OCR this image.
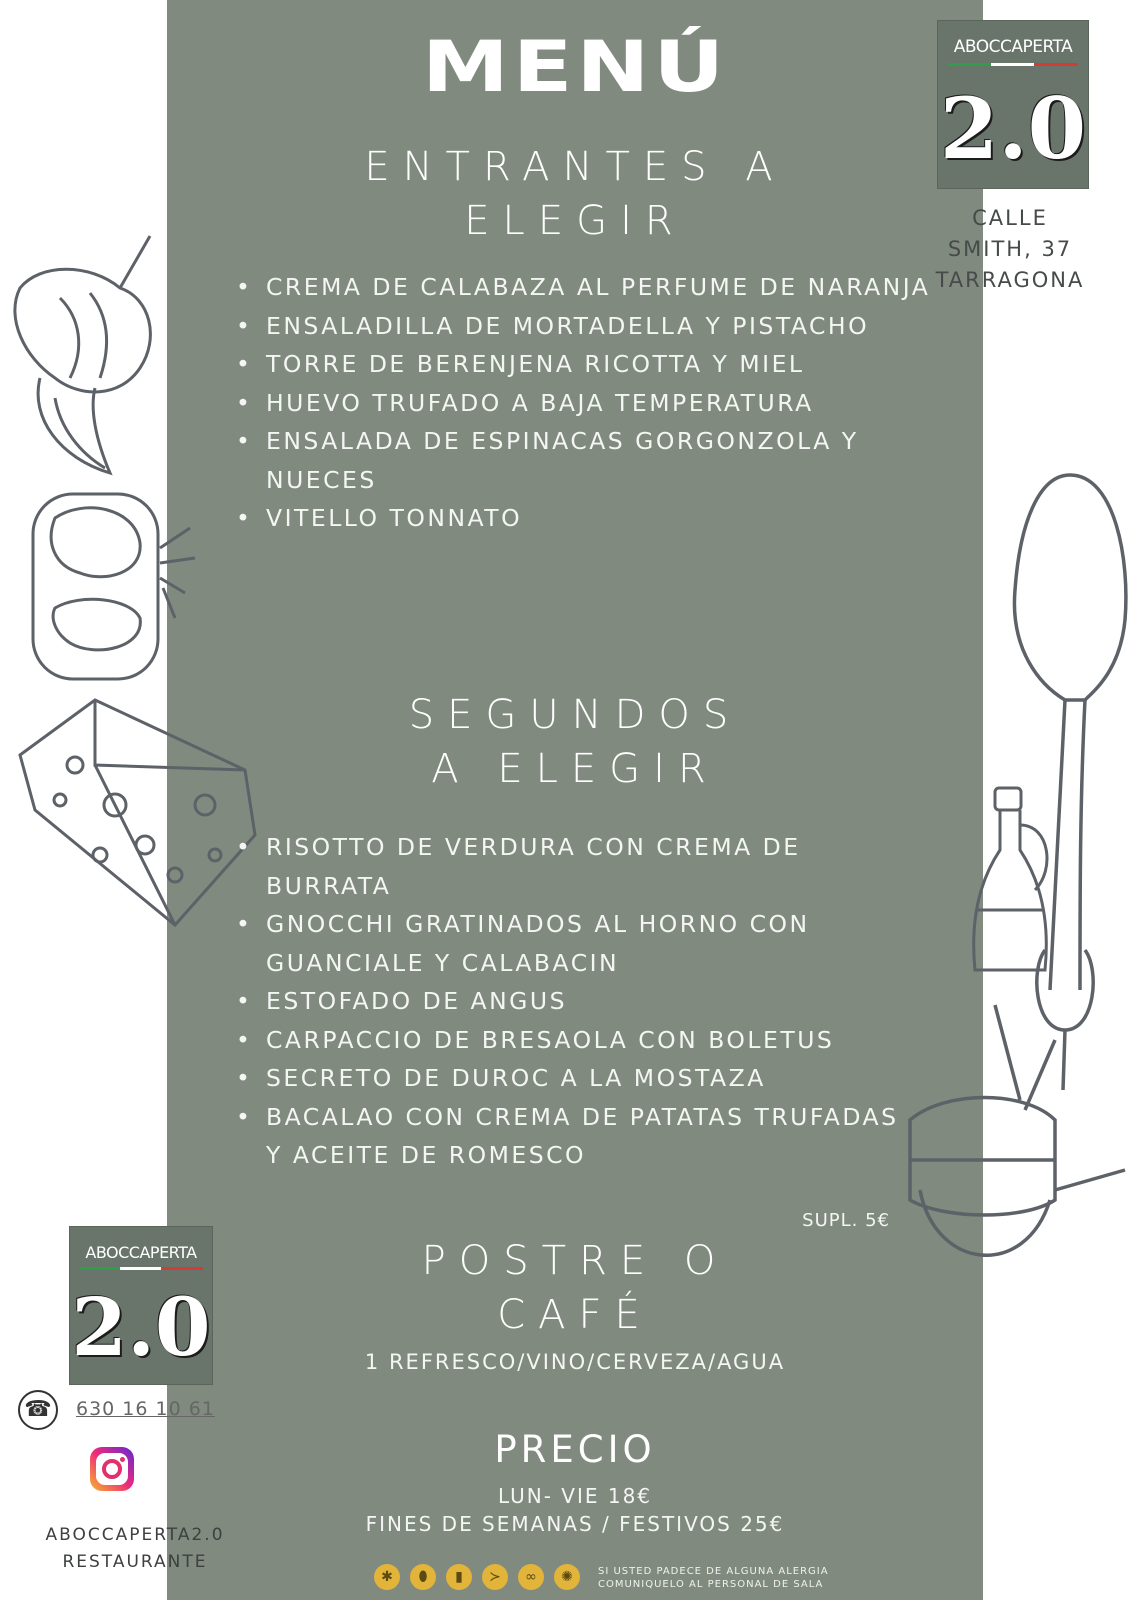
MENÚ
ENTRANTES A
ELEGIR
• CREMA DE CALABAZA AL PERFUME DE NARANJA
• ENSALADILLA DE MORTADELLA Y PISTACHO
• TORRE DE BERENJENA RICOTTA Y MIEL
• HUEVO TRUFADO A BAJA TEMPERATURA
• ENSALADA DE ESPINACAS GORGONZOLA Y NUECES
• VITELLO TONNATO
SEGUNDOS
A ELEGIR
• RISOTTO DE VERDURA CON CREMA DE BURRATA
• GNOCCHI GRATINADOS AL HORNO CON GUANCIALE Y CALABACIN
• ESTOFADO DE ANGUS
• CARPACCIO DE BRESAOLA CON BOLETUS
• SECRETO DE DUROC A LA MOSTAZA
• BACALAO CON CREMA DE PATATAS TRUFADAS Y ACEITE DE ROMESCO
SUPL. 5€
POSTRE O
CAFÉ
1 REFRESCO/VINO/CERVEZA/AGUA
PRECIO
LUN- VIE 18€
FINES DE SEMANAS / FESTIVOS 25€
✱	⬮	▮	≻	∞	✺	SI USTED PADECE DE ALGUNA ALERGIA
COMUNIQUELO AL PERSONAL DE SALA
ABOCCAPERTA
2.0
CALLE
SMITH, 37
TARRAGONA
ABOCCAPERTA
2.0
☎	630 16 10 61
ABOCCAPERTA2.0
RESTAURANTE
